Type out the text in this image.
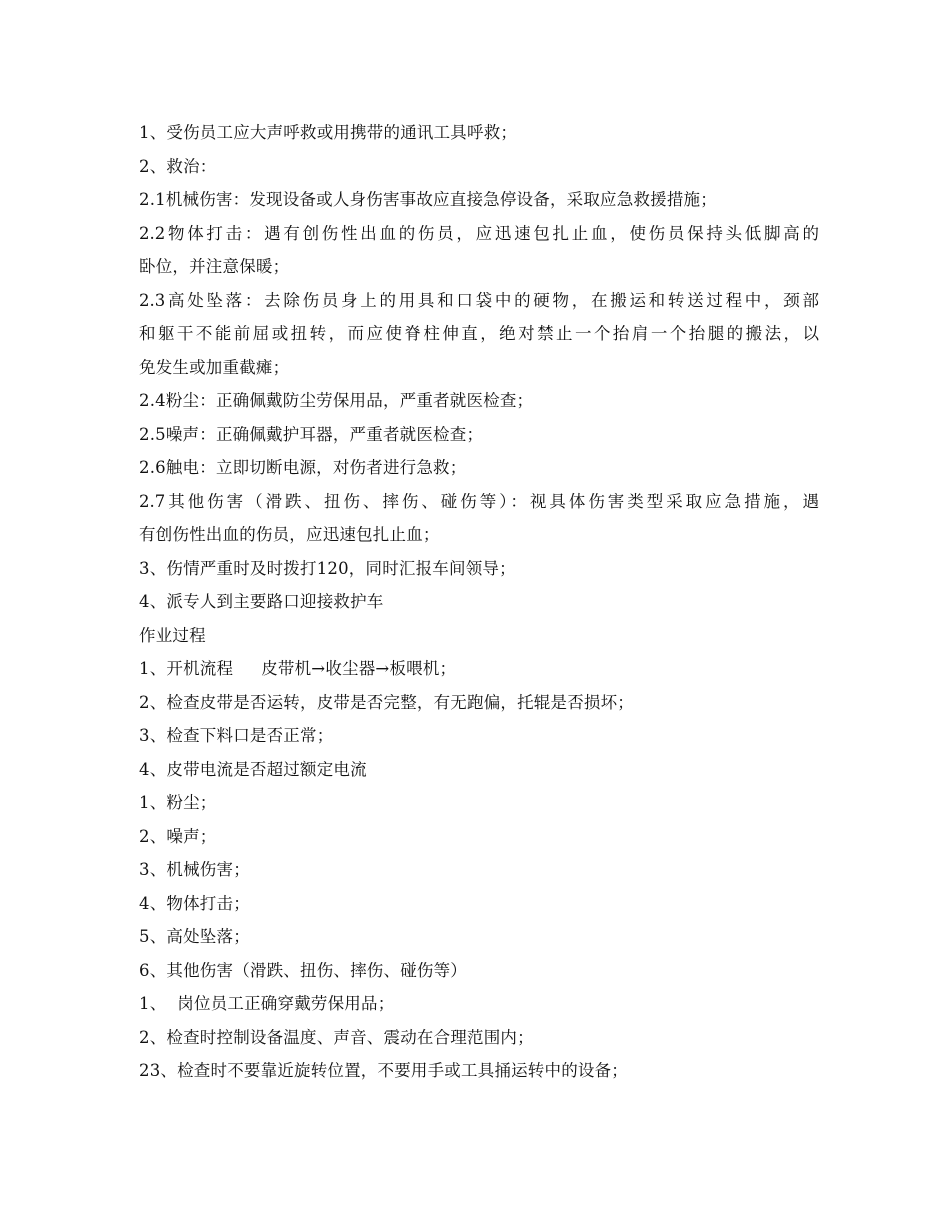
1、受伤员工应大声呼救或用携带的通讯工具呼救；
2、救治：
2.1机械伤害：发现设备或人身伤害事故应直接急停设备，采取应急救援措施；
2.2物体打击：遇有创伤性出血的伤员，应迅速包扎止血，使伤员保持头低脚高的
卧位，并注意保暖；
2.3高处坠落：去除伤员身上的用具和口袋中的硬物，在搬运和转送过程中，颈部
和躯干不能前屈或扭转，而应使脊柱伸直，绝对禁止一个抬肩一个抬腿的搬法，以
免发生或加重截瘫；
2.4粉尘：正确佩戴防尘劳保用品，严重者就医检查；
2.5噪声：正确佩戴护耳器，严重者就医检查；
2.6触电：立即切断电源，对伤者进行急救；
2.7其他伤害（滑跌、扭伤、摔伤、碰伤等）：视具体伤害类型采取应急措施，遇
有创伤性出血的伤员，应迅速包扎止血；
3、伤情严重时及时拨打120，同时汇报车间领导；
4、派专人到主要路口迎接救护车
作业过程
1、开机流程 皮带机→收尘器→板喂机；
2、检查皮带是否运转，皮带是否完整，有无跑偏，托辊是否损坏；
3、检查下料口是否正常；
4、皮带电流是否超过额定电流
1、粉尘；
2、噪声；
3、机械伤害；
4、物体打击；
5、高处坠落；
6、其他伤害（滑跌、扭伤、摔伤、碰伤等）
1、  岗位员工正确穿戴劳保用品；
2、检查时控制设备温度、声音、震动在合理范围内；
23、检查时不要靠近旋转位置，不要用手或工具捅运转中的设备；
